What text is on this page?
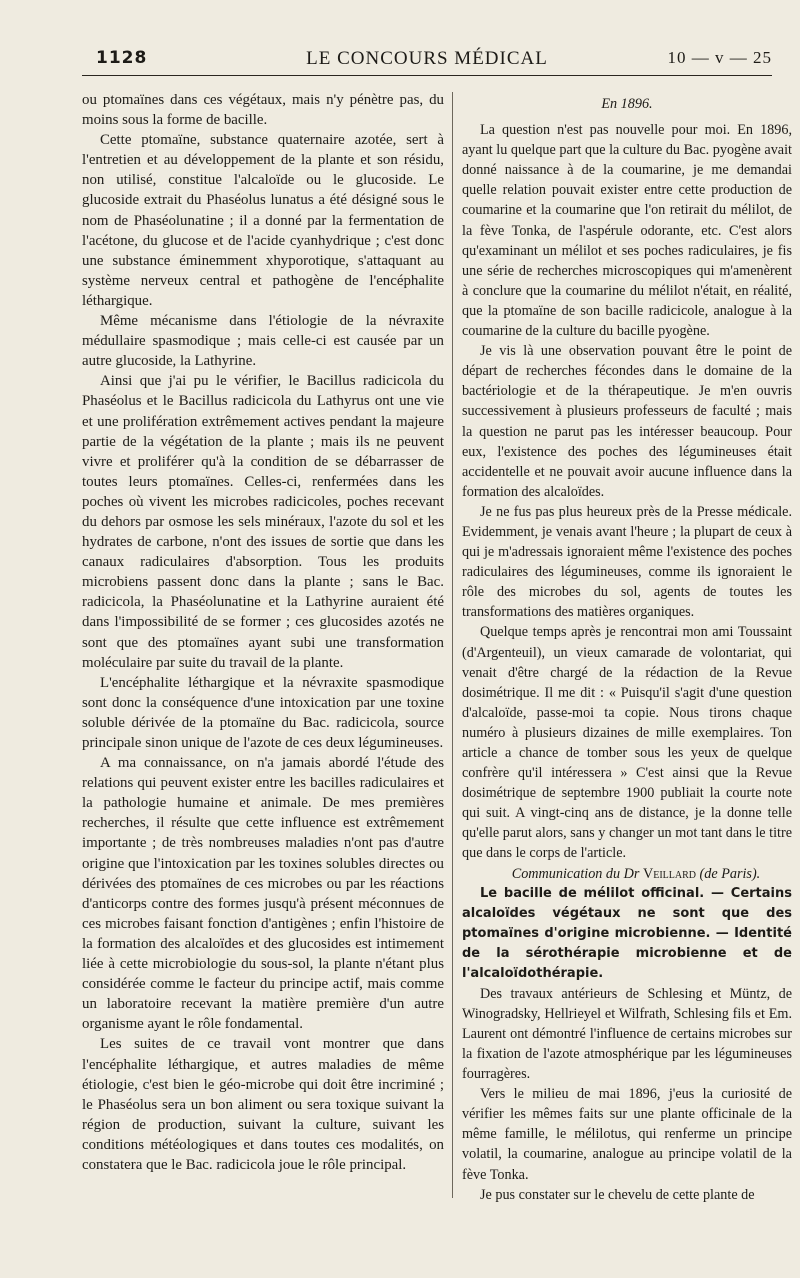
1128	LE CONCOURS MÉDICAL	10 — v — 25

ou ptomaïnes dans ces végétaux, mais n'y pénètre pas, du moins sous la forme de bacille.

Cette ptomaïne, substance quaternaire azotée, sert à l'entretien et au développement de la plante et son résidu, non utilisé, constitue l'alcaloïde ou le glucoside. Le glucoside extrait du Phaséolus lunatus a été désigné sous le nom de Phaséolunatine ; il a donné par la fermentation de l'acétone, du glucose et de l'acide cyanhydrique ; c'est donc une substance éminemment xhyporotique, s'attaquant au système nerveux central et pathogène de l'encéphalite léthargique.

Même mécanisme dans l'étiologie de la névraxite médullaire spasmodique ; mais celle-ci est causée par un autre glucoside, la Lathyrine.

Ainsi que j'ai pu le vérifier, le Bacillus radicicola du Phaséolus et le Bacillus radicicola du Lathyrus ont une vie et une prolifération extrêmement actives pendant la majeure partie de la végétation de la plante ; mais ils ne peuvent vivre et proliférer qu'à la condition de se débarrasser de toutes leurs ptomaïnes. Celles-ci, renfermées dans les poches où vivent les microbes radicicoles, poches recevant du dehors par osmose les sels minéraux, l'azote du sol et les hydrates de carbone, n'ont des issues de sortie que dans les canaux radiculaires d'absorption. Tous les produits microbiens passent donc dans la plante ; sans le Bac. radicicola, la Phaséolunatine et la Lathyrine auraient été dans l'impossibilité de se former ; ces glucosides azotés ne sont que des ptomaïnes ayant subi une transformation moléculaire par suite du travail de la plante.

L'encéphalite léthargique et la névraxite spasmodique sont donc la conséquence d'une intoxication par une toxine soluble dérivée de la ptomaïne du Bac. radicicola, source principale sinon unique de l'azote de ces deux légumineuses.

A ma connaissance, on n'a jamais abordé l'étude des relations qui peuvent exister entre les bacilles radiculaires et la pathologie humaine et animale. De mes premières recherches, il résulte que cette influence est extrêmement importante ; de très nombreuses maladies n'ont pas d'autre origine que l'intoxication par les toxines solubles directes ou dérivées des ptomaïnes de ces microbes ou par les réactions d'anticorps contre des formes jusqu'à présent méconnues de ces microbes faisant fonction d'antigènes ; enfin l'histoire de la formation des alcaloïdes et des glucosides est intimement liée à cette microbiologie du sous-sol, la plante n'étant plus considérée comme le facteur du principe actif, mais comme un laboratoire recevant la matière première d'un autre organisme ayant le rôle fondamental.

Les suites de ce travail vont montrer que dans l'encéphalite léthargique, et autres maladies de même étiologie, c'est bien le géo-microbe qui doit être incriminé ; le Phaséolus sera un bon aliment ou sera toxique suivant la région de production, suivant la culture, suivant les conditions météologiques et dans toutes ces modalités, on constatera que le Bac. radicicola joue le rôle principal.

En 1896.

La question n'est pas nouvelle pour moi. En 1896, ayant lu quelque part que la culture du Bac. pyogène avait donné naissance à de la coumarine, je me demandai quelle relation pouvait exister entre cette production de coumarine et la coumarine que l'on retirait du mélilot, de la fève Tonka, de l'aspérule odorante, etc. C'est alors qu'examinant un mélilot et ses poches radiculaires, je fis une série de recherches microscopiques qui m'amenèrent à conclure que la coumarine du mélilot n'était, en réalité, que la ptomaïne de son bacille radicicole, analogue à la coumarine de la culture du bacille pyogène.

Je vis là une observation pouvant être le point de départ de recherches fécondes dans le domaine de la bactériologie et de la thérapeutique. Je m'en ouvris successivement à plusieurs professeurs de faculté ; mais la question ne parut pas les intéresser beaucoup. Pour eux, l'existence des poches des légumineuses était accidentelle et ne pouvait avoir aucune influence dans la formation des alcaloïdes.

Je ne fus pas plus heureux près de la Presse médicale. Evidemment, je venais avant l'heure ; la plupart de ceux à qui je m'adressais ignoraient même l'existence des poches radiculaires des légumineuses, comme ils ignoraient le rôle des microbes du sol, agents de toutes les transformations des matières organiques.

Quelque temps après je rencontrai mon ami Toussaint (d'Argenteuil), un vieux camarade de volontariat, qui venait d'être chargé de la rédaction de la Revue dosimétrique. Il me dit : « Puisqu'il s'agit d'une question d'alcaloïde, passe-moi ta copie. Nous tirons chaque numéro à plusieurs dizaines de mille exemplaires. Ton article a chance de tomber sous les yeux de quelque confrère qu'il intéressera » C'est ainsi que la Revue dosimétrique de septembre 1900 publiait la courte note qui suit. A vingt-cinq ans de distance, je la donne telle qu'elle parut alors, sans y changer un mot tant dans le titre que dans le corps de l'article.

Communication du Dr Veillard (de Paris).

Le bacille de mélilot officinal. — Certains alcaloïdes végétaux ne sont que des ptomaïnes d'origine microbienne. — Identité de la sérothérapie microbienne et de l'alcaloïdothérapie.

Des travaux antérieurs de Schlesing et Müntz, de Winogradsky, Hellrieyel et Wilfrath, Schlesing fils et Em. Laurent ont démontré l'influence de certains microbes sur la fixation de l'azote atmosphérique par les légumineuses fourragères.

Vers le milieu de mai 1896, j'eus la curiosité de vérifier les mêmes faits sur une plante officinale de la même famille, le mélilotus, qui renferme un principe volatil, la coumarine, analogue au principe volatil de la fève Tonka.

Je pus constater sur le chevelu de cette plante de
